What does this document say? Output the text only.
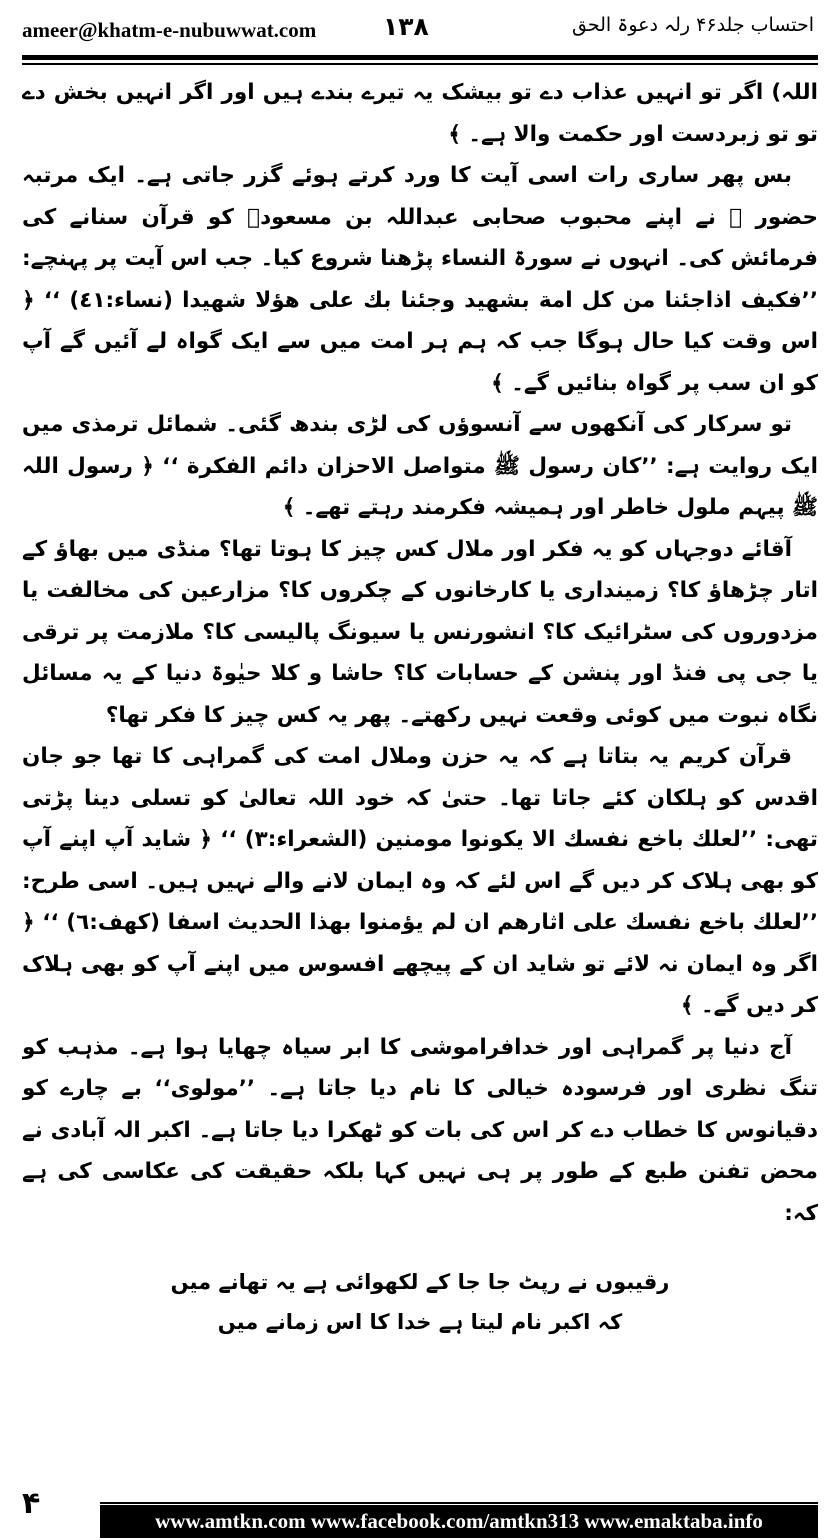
ameer@khatm-e-nubuwwat.com	۱۳۸	احتساب جلد۴۶ رلہ دعوۃ الحق

اللہ) اگر تو انہیں عذاب دے تو بیشک یہ تیرے بندے ہیں اور اگر انہیں بخش دے تو تو زبردست اور حکمت والا ہے۔ ﴾

بس پھر ساری رات اسی آیت کا ورد کرتے ہوئے گزر جاتی ہے۔ ایک مرتبہ حضور ﷺ نے اپنے محبوب صحابی عبداللہ بن مسعودؓ کو قرآن سنانے کی فرمائش کی۔ انہوں نے سورۃ النساء پڑھنا شروع کیا۔ جب اس آیت پر پہنچے: ’’فکیف اذاجئنا من کل امة بشهید وجئنا بك علی هؤلا شهیدا (نساء:٤١) ‘‘ ﴿ اس وقت کیا حال ہوگا جب کہ ہم ہر امت میں سے ایک گواہ لے آئیں گے آپ کو ان سب پر گواہ بنائیں گے۔ ﴾

تو سرکار کی آنکھوں سے آنسوؤں کی لڑی بندھ گئی۔ شمائل ترمذی میں ایک روایت ہے: ’’کان رسول ﷺ متواصل الاحزان دائم الفکرة ‘‘ ﴿ رسول اللہ ﷺ پیہم ملول خاطر اور ہمیشہ فکرمند رہتے تھے۔ ﴾

آقائے دوجہاں کو یہ فکر اور ملال کس چیز کا ہوتا تھا؟ منڈی میں بھاؤ کے اتار چڑھاؤ کا؟ زمینداری یا کارخانوں کے چکروں کا؟ مزارعین کی مخالفت یا مزدوروں کی سٹرائیک کا؟ انشورنس یا سیونگ پالیسی کا؟ ملازمت پر ترقی یا جی پی فنڈ اور پنشن کے حسابات کا؟ حاشا و کلا حیٰوۃ دنیا کے یہ مسائل نگاہ نبوت میں کوئی وقعت نہیں رکھتے۔ پھر یہ کس چیز کا فکر تھا؟

قرآن کریم یہ بتاتا ہے کہ یہ حزن وملال امت کی گمراہی کا تھا جو جان اقدس کو ہلکان کئے جاتا تھا۔ حتیٰ کہ خود اللہ تعالیٰ کو تسلی دینا پڑتی تھی: ’’لعلك باخع نفسك الا یکونوا مومنین (الشعراء:٣) ‘‘ ﴿ شاید آپ اپنے آپ کو بھی ہلاک کر دیں گے اس لئے کہ وہ ایمان لانے والے نہیں ہیں۔ اسی طرح: ’’لعلك باخع نفسك علی اثارهم ان لم یؤمنوا بهذا الحدیث اسفا (کهف:٦) ‘‘ ﴿ اگر وہ ایمان نہ لائے تو شاید ان کے پیچھے افسوس میں اپنے آپ کو بھی ہلاک کر دیں گے۔ ﴾

آج دنیا پر گمراہی اور خدافراموشی کا ابر سیاہ چھایا ہوا ہے۔ مذہب کو تنگ نظری اور فرسودہ خیالی کا نام دیا جاتا ہے۔ ’’مولوی‘‘ بے چارے کو دقیانوس کا خطاب دے کر اس کی بات کو ٹھکرا دیا جاتا ہے۔ اکبر الہ آبادی نے محض تفنن طبع کے طور پر ہی نہیں کہا بلکہ حقیقت کی عکاسی کی ہے کہ:

رقیبوں نے رپٹ جا جا کے لکھوائی ہے یہ تھانے میں
کہ اکبر نام لیتا ہے خدا کا اس زمانے میں
۴	www.amtkn.com www.facebook.com/amtkn313 www.emaktaba.info
